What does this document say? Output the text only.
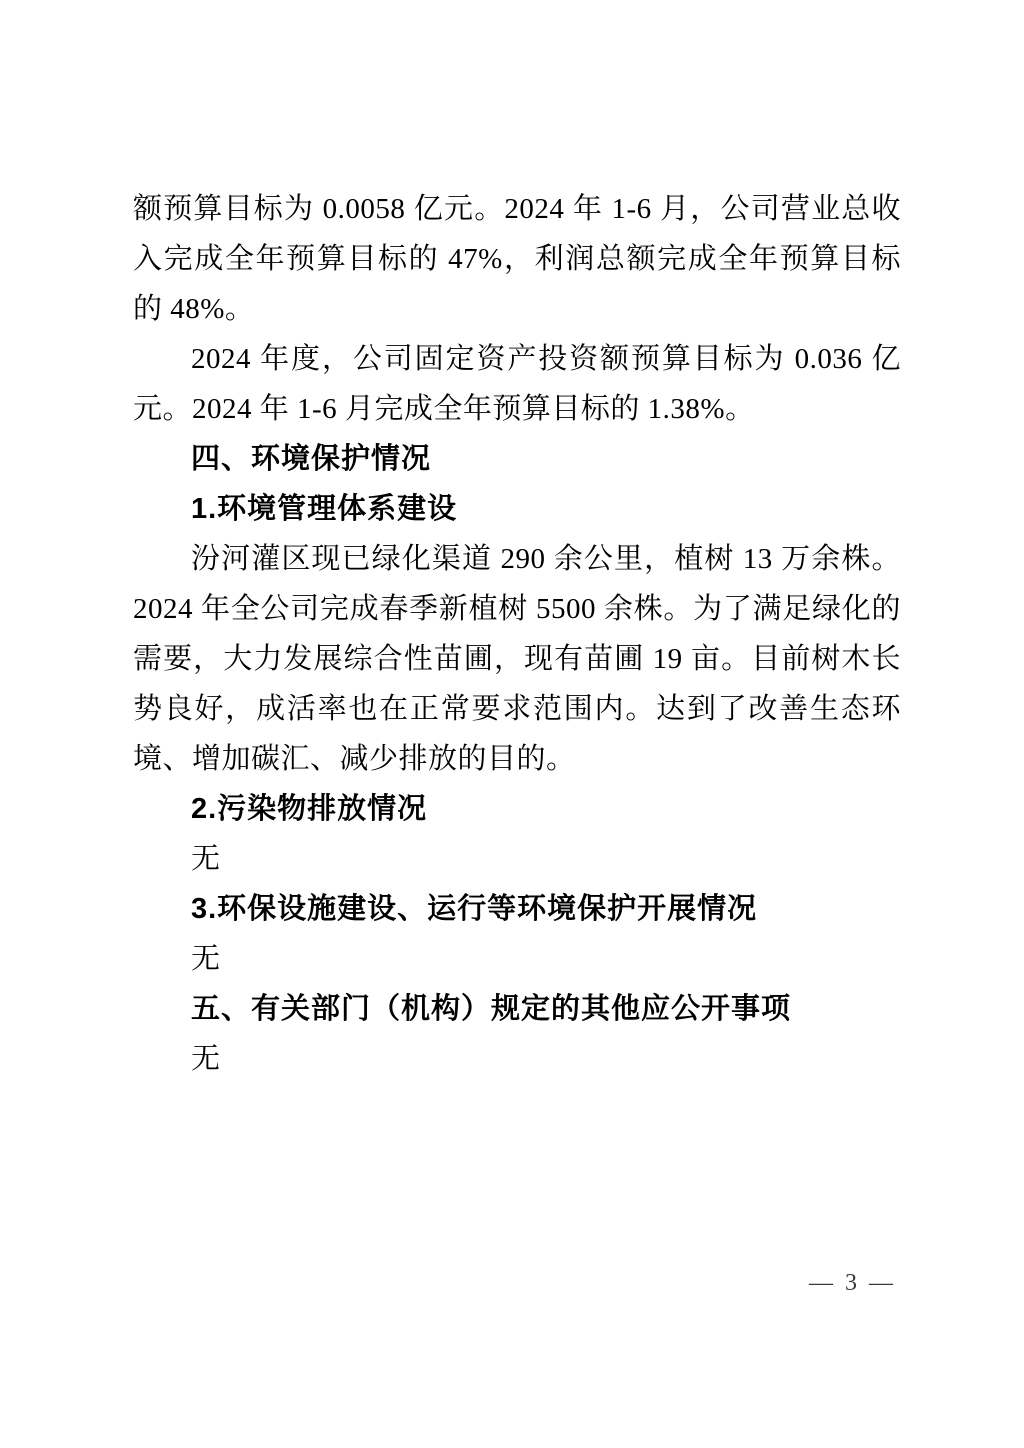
额预算目标为 0.0058 亿元。2024 年 1-6 月，公司营业总收入完成全年预算目标的 47%，利润总额完成全年预算目标的 48%。

2024 年度，公司固定资产投资额预算目标为 0.036 亿元。2024 年 1-6 月完成全年预算目标的 1.38%。

四、环境保护情况

1.环境管理体系建设

汾河灌区现已绿化渠道 290 余公里，植树 13 万余株。2024 年全公司完成春季新植树 5500 余株。为了满足绿化的需要，大力发展综合性苗圃，现有苗圃 19 亩。目前树木长势良好，成活率也在正常要求范围内。达到了改善生态环境、增加碳汇、减少排放的目的。

2.污染物排放情况

无

3.环保设施建设、运行等环境保护开展情况

无

五、有关部门（机构）规定的其他应公开事项

无

— 3 —
